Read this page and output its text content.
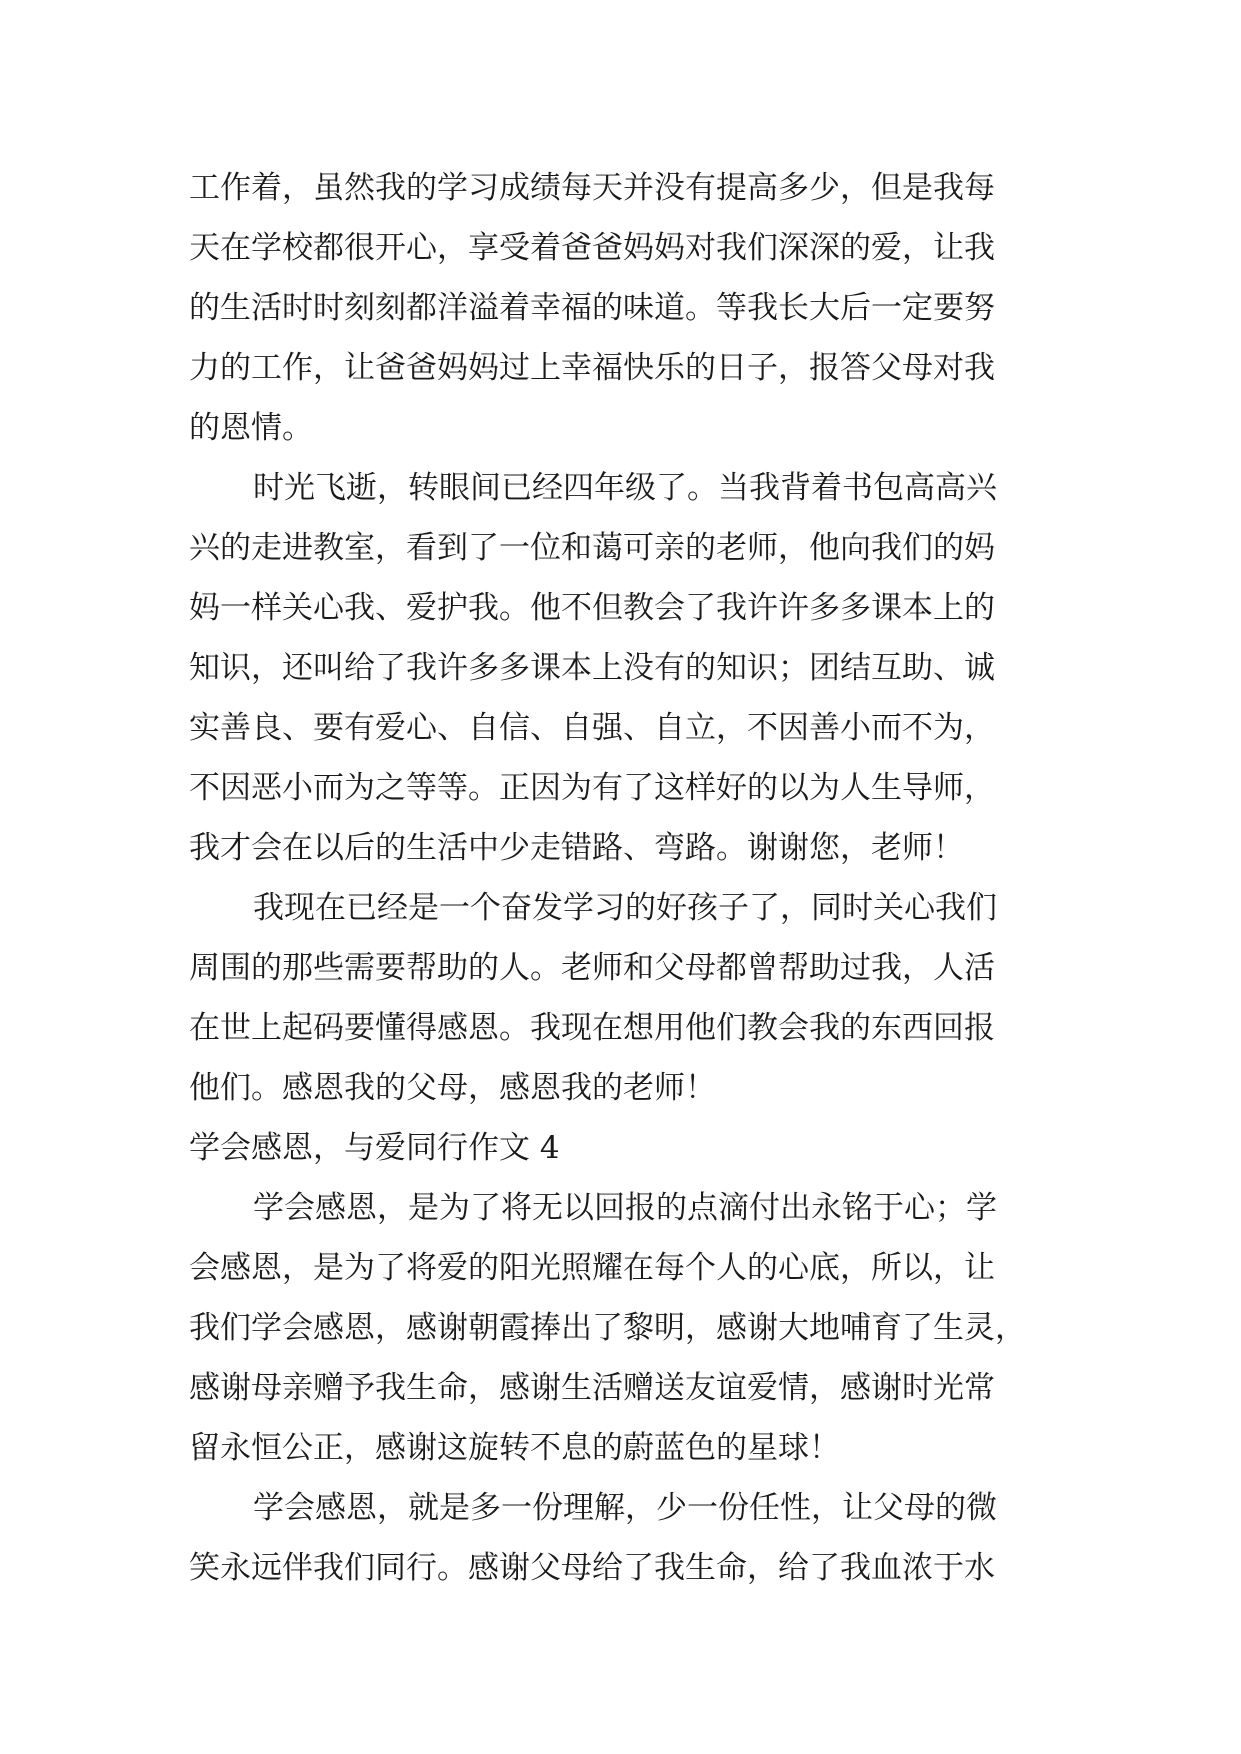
工作着，虽然我的学习成绩每天并没有提高多少，但是我每
天在学校都很开心，享受着爸爸妈妈对我们深深的爱，让我
的生活时时刻刻都洋溢着幸福的味道。等我长大后一定要努
力的工作，让爸爸妈妈过上幸福快乐的日子，报答父母对我
的恩情。
时光飞逝，转眼间已经四年级了。当我背着书包高高兴
兴的走进教室，看到了一位和蔼可亲的老师，他向我们的妈
妈一样关心我、爱护我。他不但教会了我许许多多课本上的
知识，还叫给了我许多多课本上没有的知识；团结互助、诚
实善良、要有爱心、自信、自强、自立，不因善小而不为，
不因恶小而为之等等。正因为有了这样好的以为人生导师，
我才会在以后的生活中少走错路、弯路。谢谢您，老师！
我现在已经是一个奋发学习的好孩子了，同时关心我们
周围的那些需要帮助的人。老师和父母都曾帮助过我，人活
在世上起码要懂得感恩。我现在想用他们教会我的东西回报
他们。感恩我的父母，感恩我的老师！
学会感恩，与爱同行作文 4
学会感恩，是为了将无以回报的点滴付出永铭于心；学
会感恩，是为了将爱的阳光照耀在每个人的心底，所以，让
我们学会感恩，感谢朝霞捧出了黎明，感谢大地哺育了生灵，
感谢母亲赠予我生命，感谢生活赠送友谊爱情，感谢时光常
留永恒公正，感谢这旋转不息的蔚蓝色的星球！
学会感恩，就是多一份理解，少一份任性，让父母的微
笑永远伴我们同行。感谢父母给了我生命，给了我血浓于水
